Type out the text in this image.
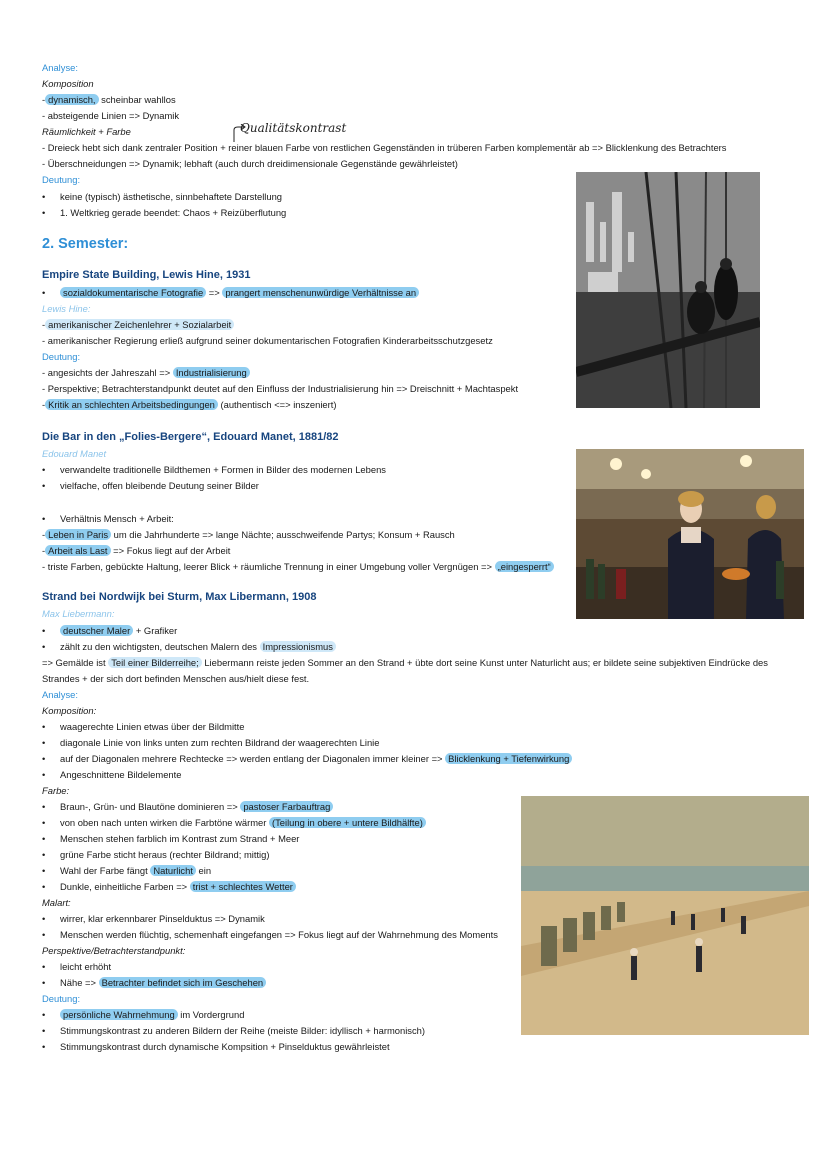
Analyse:
Komposition
- dynamisch, scheinbar wahllos
- absteigende Linien => Dynamik
Räumlichkeit + Farbe	Qualitätskontrast
- Dreieck hebt sich dank zentraler Position + reiner blauen Farbe von restlichen Gegenständen in trüberen Farben komplementär ab => Blicklenkung des Betrachters
- Überschneidungen => Dynamik; lebhaft (auch durch dreidimensionale Gegenstände gewährleistet)
Deutung:
• keine (typisch) ästhetische, sinnbehaftete Darstellung
• 1. Weltkrieg gerade beendet: Chaos + Reizüberflutung
2. Semester:
Empire State Building, Lewis Hine, 1931
• sozialdokumentarische Fotografie => prangert menschenunwürdige Verhältnisse an
Lewis Hine:
- amerikanischer Zeichenlehrer + Sozialarbeit
- amerikanischer Regierung erließ aufgrund seiner dokumentarischen Fotografien Kinderarbeitsschutzgesetz
Deutung:
- angesichts der Jahreszahl => Industrialisierung
- Perspektive; Betrachterstandpunkt deutet auf den Einfluss der Industrialisierung hin => Dreischnitt + Machtaspekt
- Kritik an schlechten Arbeitsbedingungen (authentisch <=> inszeniert)
Die Bar in den „Folies-Bergere“, Edouard Manet, 1881/82
Edouard Manet
• verwandelte traditionelle Bildthemen + Formen in Bilder des modernen Lebens
• vielfache, offen bleibende Deutung seiner Bilder
• Verhältnis Mensch + Arbeit:
- Leben in Paris um die Jahrhunderte => lange Nächte; ausschweifende Partys; Konsum + Rausch
- Arbeit als Last => Fokus liegt auf der Arbeit
- triste Farben, gebückte Haltung, leerer Blick + räumliche Trennung in einer Umgebung voller Vergnügen => „eingesperrt“
Strand bei Nordwijk bei Sturm, Max Libermann, 1908
Max Liebermann:
• deutscher Maler + Grafiker
• zählt zu den wichtigsten, deutschen Malern des Impressionismus
=> Gemälde ist Teil einer Bilderreihe; Liebermann reiste jeden Sommer an den Strand + übte dort seine Kunst unter Naturlicht aus; er bildete seine subjektiven Eindrücke des
Strandes + der sich dort befinden Menschen aus/hielt diese fest.
Analyse:
Komposition:
• waagerechte Linien etwas über der Bildmitte
• diagonale Linie von links unten zum rechten Bildrand der waagerechten Linie
• auf der Diagonalen mehrere Rechtecke => werden entlang der Diagonalen immer kleiner => Blicklenkung + Tiefenwirkung
• Angeschnittene Bildelemente
Farbe:
• Braun-, Grün- und Blautöne dominieren => pastoser Farbauftrag
• von oben nach unten wirken die Farbtöne wärmer (Teilung in obere + untere Bildhälfte)
• Menschen stehen farblich im Kontrast zum Strand + Meer
• grüne Farbe sticht heraus (rechter Bildrand; mittig)
• Wahl der Farbe fängt Naturlicht ein
• Dunkle, einheitliche Farben => trist + schlechtes Wetter
Malart:
• wirrer, klar erkennbarer Pinselduktus => Dynamik
• Menschen werden flüchtig, schemenhaft eingefangen => Fokus liegt auf der Wahrnehmung des Moments
Perspektive/Betrachterstandpunkt:
• leicht erhöht
• Nähe => Betrachter befindet sich im Geschehen
Deutung:
• persönliche Wahrnehmung im Vordergrund
• Stimmungskontrast zu anderen Bildern der Reihe (meiste Bilder: idyllisch + harmonisch)
• Stimmungskontrast durch dynamische Kompsition + Pinselduktus gewährleistet
